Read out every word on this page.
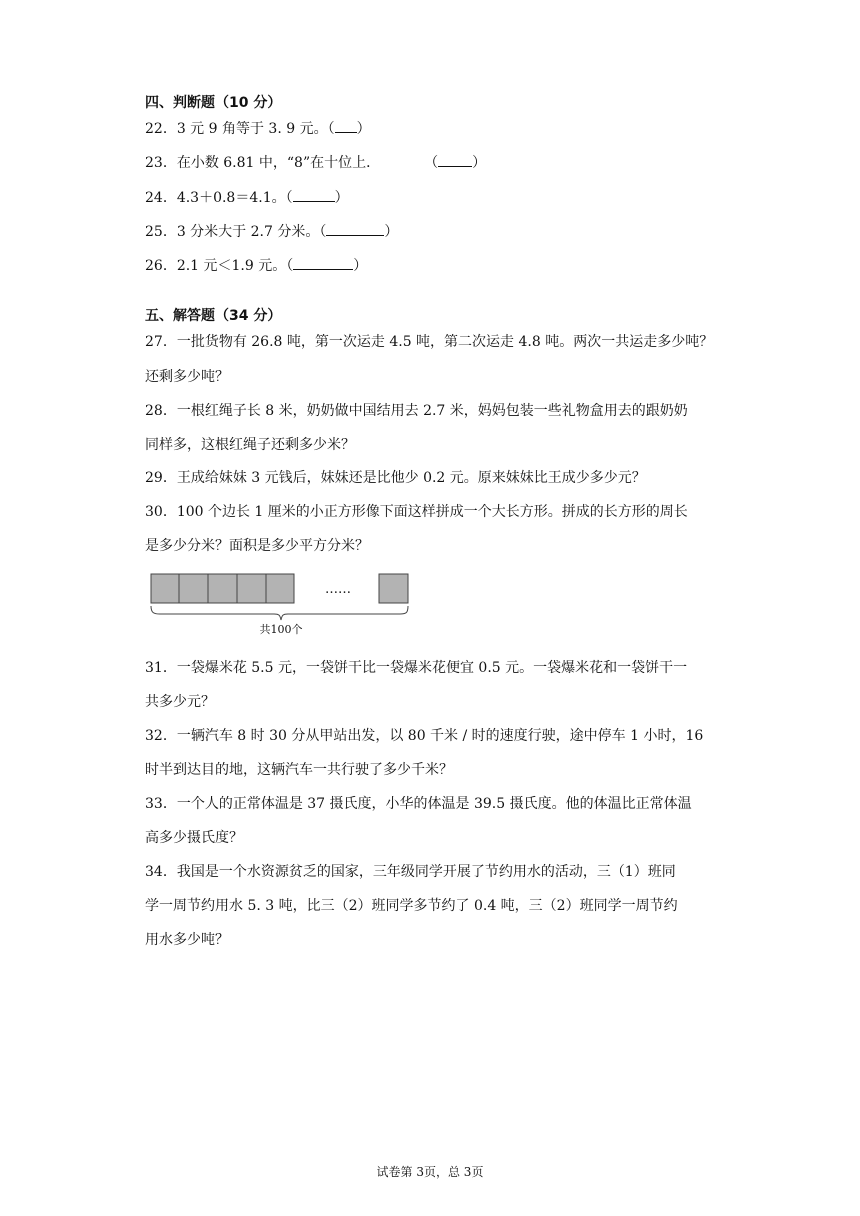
四、判断题（10 分）
22．3 元 9 角等于 3. 9 元。（ ）
23．在小数 6.81 中，“8”在十位上．	（ ）
24．4.3＋0.8＝4.1。（	）
25．3 分米大于 2.7 分米。（	）
26．2.1 元＜1.9 元。（	）
五、解答题（34 分）
27．一批货物有 26.8 吨，第一次运走 4.5 吨，第二次运走 4.8 吨。两次一共运走多少吨？
还剩多少吨？
28．一根红绳子长 8 米，奶奶做中国结用去 2.7 米，妈妈包装一些礼物盒用去的跟奶奶
同样多，这根红绳子还剩多少米？
29．王成给妹妹 3 元钱后，妹妹还是比他少 0.2 元。原来妹妹比王成少多少元？
30．100 个边长 1 厘米的小正方形像下面这样拼成一个大长方形。拼成的长方形的周长
是多少分米？面积是多少平方分米？
……
共100个
31．一袋爆米花 5.5 元，一袋饼干比一袋爆米花便宜 0.5 元。一袋爆米花和一袋饼干一
共多少元？
32．一辆汽车 8 时 30 分从甲站出发，以 80 千米 / 时的速度行驶，途中停车 1 小时，16
时半到达目的地，这辆汽车一共行驶了多少千米？
33．一个人的正常体温是 37 摄氏度，小华的体温是 39.5 摄氏度。他的体温比正常体温
高多少摄氏度？
34．我国是一个水资源贫乏的国家，三年级同学开展了节约用水的活动，三（1）班同
学一周节约用水 5. 3 吨，比三（2）班同学多节约了 0.4 吨，三（2）班同学一周节约
用水多少吨？
试卷第 3页，总 3页
